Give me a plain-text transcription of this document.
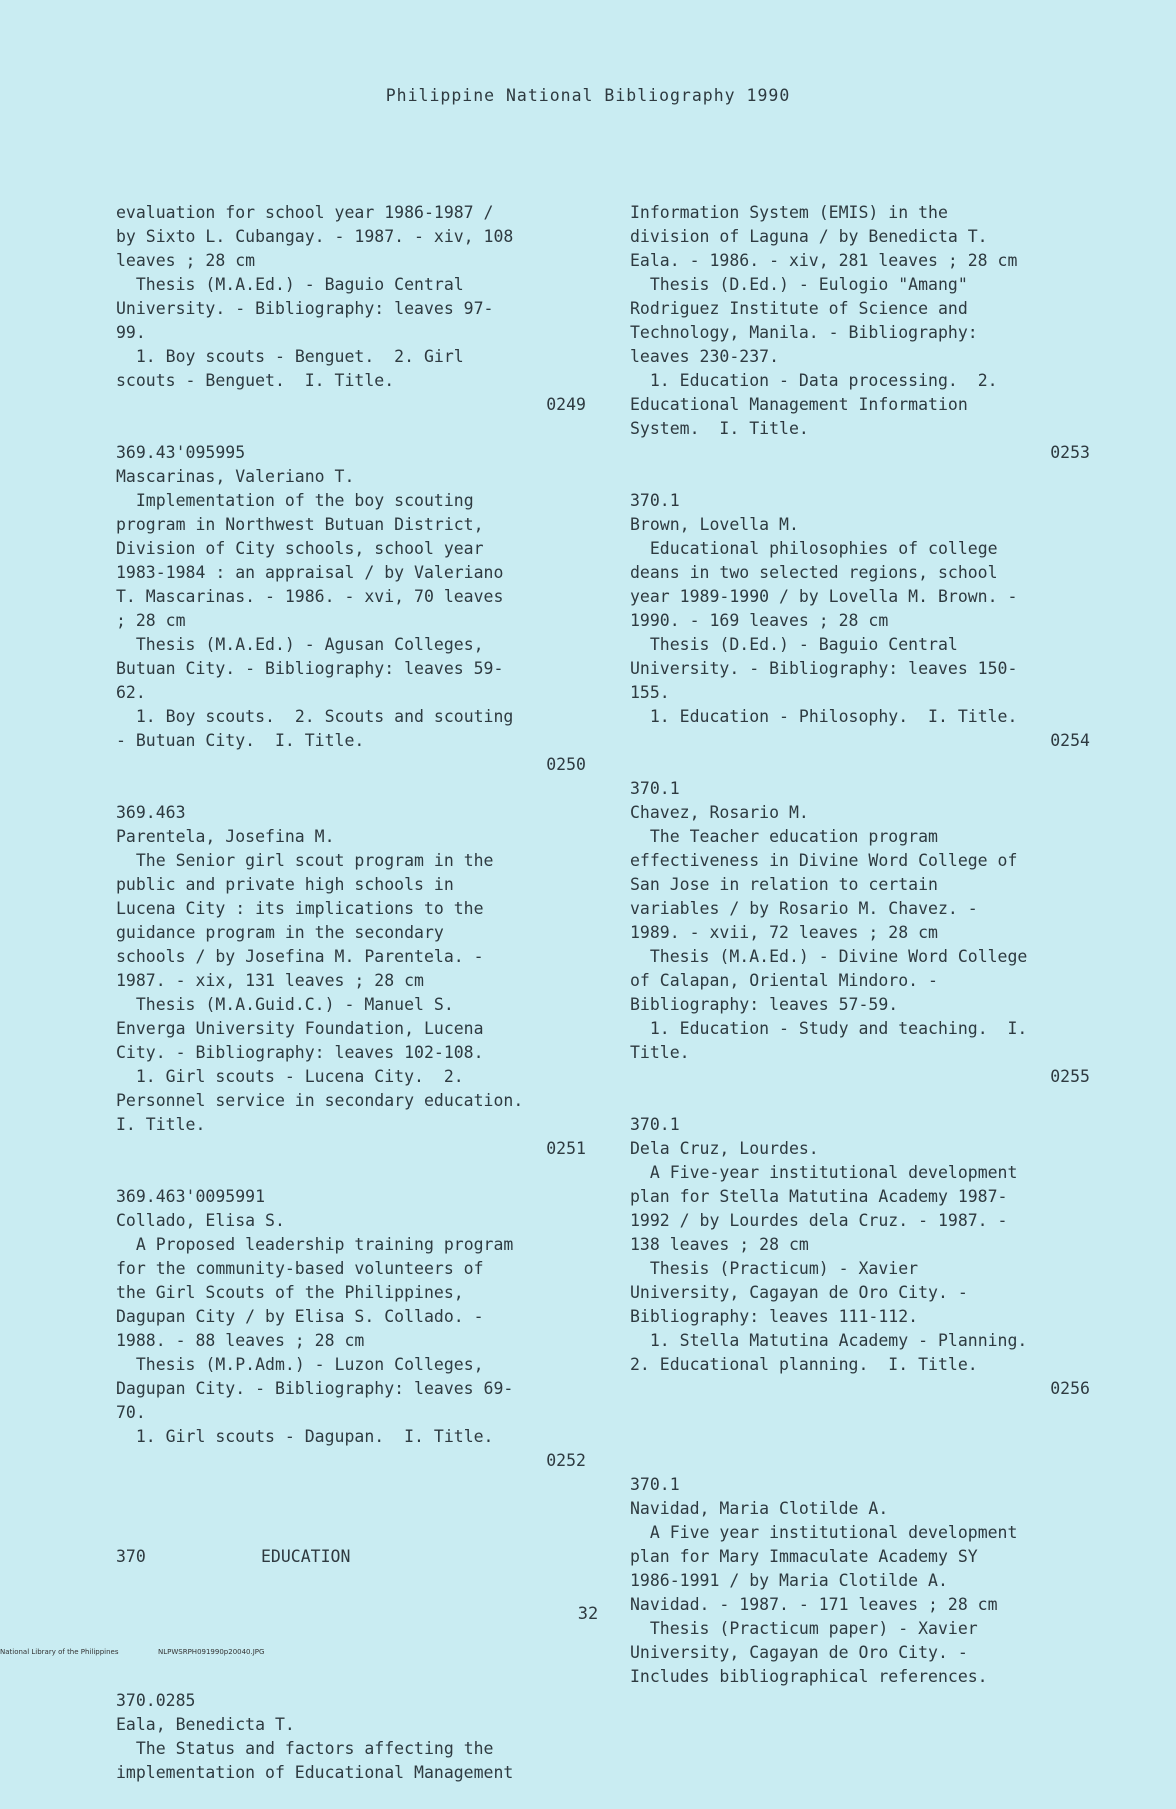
Philippine National Bibliography 1990

evaluation for school year 1986-1987 /
by Sixto L. Cubangay. - 1987. - xiv, 108
leaves ; 28 cm
Thesis (M.A.Ed.) - Baguio Central
University. - Bibliography: leaves 97-
99.
1. Boy scouts - Benguet.  2. Girl
scouts - Benguet.  I. Title.
0249
369.43'095995
Mascarinas, Valeriano T.
Implementation of the boy scouting
program in Northwest Butuan District,
Division of City schools, school year
1983-1984 : an appraisal / by Valeriano
T. Mascarinas. - 1986. - xvi, 70 leaves
; 28 cm
Thesis (M.A.Ed.) - Agusan Colleges,
Butuan City. - Bibliography: leaves 59-
62.
1. Boy scouts.  2. Scouts and scouting
- Butuan City.  I. Title.
0250
369.463
Parentela, Josefina M.
The Senior girl scout program in the
public and private high schools in
Lucena City : its implications to the
guidance program in the secondary
schools / by Josefina M. Parentela. -
1987. - xix, 131 leaves ; 28 cm
Thesis (M.A.Guid.C.) - Manuel S.
Enverga University Foundation, Lucena
City. - Bibliography: leaves 102-108.
1. Girl scouts - Lucena City.  2.
Personnel service in secondary education.
I. Title.
0251
369.463'0095991
Collado, Elisa S.
A Proposed leadership training program
for the community-based volunteers of
the Girl Scouts of the Philippines,
Dagupan City / by Elisa S. Collado. -
1988. - 88 leaves ; 28 cm
Thesis (M.P.Adm.) - Luzon Colleges,
Dagupan City. - Bibliography: leaves 69-
70.
1. Girl scouts - Dagupan.  I. Title.
0252

370	EDUCATION

370.0285
Eala, Benedicta T.
The Status and factors affecting the
implementation of Educational Management

Information System (EMIS) in the
division of Laguna / by Benedicta T.
Eala. - 1986. - xiv, 281 leaves ; 28 cm
Thesis (D.Ed.) - Eulogio "Amang"
Rodriguez Institute of Science and
Technology, Manila. - Bibliography:
leaves 230-237.
1. Education - Data processing.  2.
Educational Management Information
System.  I. Title.
0253
370.1
Brown, Lovella M.
Educational philosophies of college
deans in two selected regions, school
year 1989-1990 / by Lovella M. Brown. -
1990. - 169 leaves ; 28 cm
Thesis (D.Ed.) - Baguio Central
University. - Bibliography: leaves 150-
155.
1. Education - Philosophy.  I. Title.
0254
370.1
Chavez, Rosario M.
The Teacher education program
effectiveness in Divine Word College of
San Jose in relation to certain
variables / by Rosario M. Chavez. -
1989. - xvii, 72 leaves ; 28 cm
Thesis (M.A.Ed.) - Divine Word College
of Calapan, Oriental Mindoro. -
Bibliography: leaves 57-59.
1. Education - Study and teaching.  I.
Title.
0255
370.1
Dela Cruz, Lourdes.
A Five-year institutional development
plan for Stella Matutina Academy 1987-
1992 / by Lourdes dela Cruz. - 1987. -
138 leaves ; 28 cm
Thesis (Practicum) - Xavier
University, Cagayan de Oro City. -
Bibliography: leaves 111-112.
1. Stella Matutina Academy - Planning.
2. Educational planning.  I. Title.
0256

370.1
Navidad, Maria Clotilde A.
A Five year institutional development
plan for Mary Immaculate Academy SY
1986-1991 / by Maria Clotilde A.
Navidad. - 1987. - 171 leaves ; 28 cm
Thesis (Practicum paper) - Xavier
University, Cagayan de Oro City. -
Includes bibliographical references.

32
National Library of the Philippines	NLPWSRPH091990p20040.JPG
